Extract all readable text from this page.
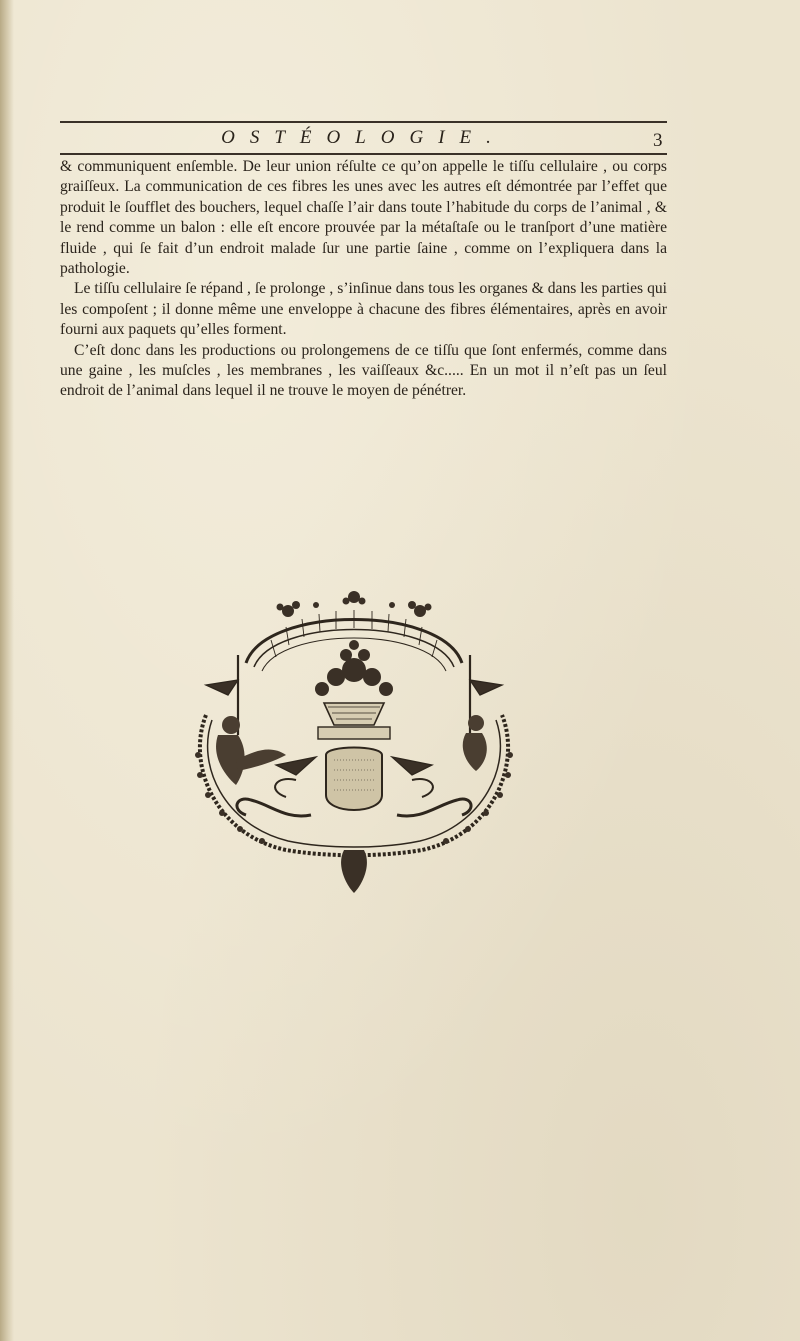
OSTÉOLOGIE.	3

& communiquent enſemble. De leur union réſulte ce qu’on appelle le tiſſu cellulaire , ou corps graiſſeux. La communication de ces fibres les unes avec les autres eſt démontrée par l’effet que produit le ſoufflet des bouchers, lequel chaſſe l’air dans toute l’habitude du corps de l’animal , & le rend comme un balon : elle eſt encore prouvée par la métaſtaſe ou le tranſport d’une matière fluide , qui ſe fait d’un endroit malade ſur une partie ſaine , comme on l’expliquera dans la pathologie.

Le tiſſu cellulaire ſe répand , ſe prolonge , s’inſinue dans tous les organes & dans les parties qui les compoſent ; il donne même une enveloppe à chacune des fibres élémentaires, après en avoir fourni aux paquets qu’elles forment.

C’eſt donc dans les productions ou prolongemens de ce tiſſu que ſont enfermés, comme dans une gaine , les muſcles , les membranes , les vaiſſeaux &c..... En un mot il n’eſt pas un ſeul endroit de l’animal dans lequel il ne trouve le moyen de pénétrer.
